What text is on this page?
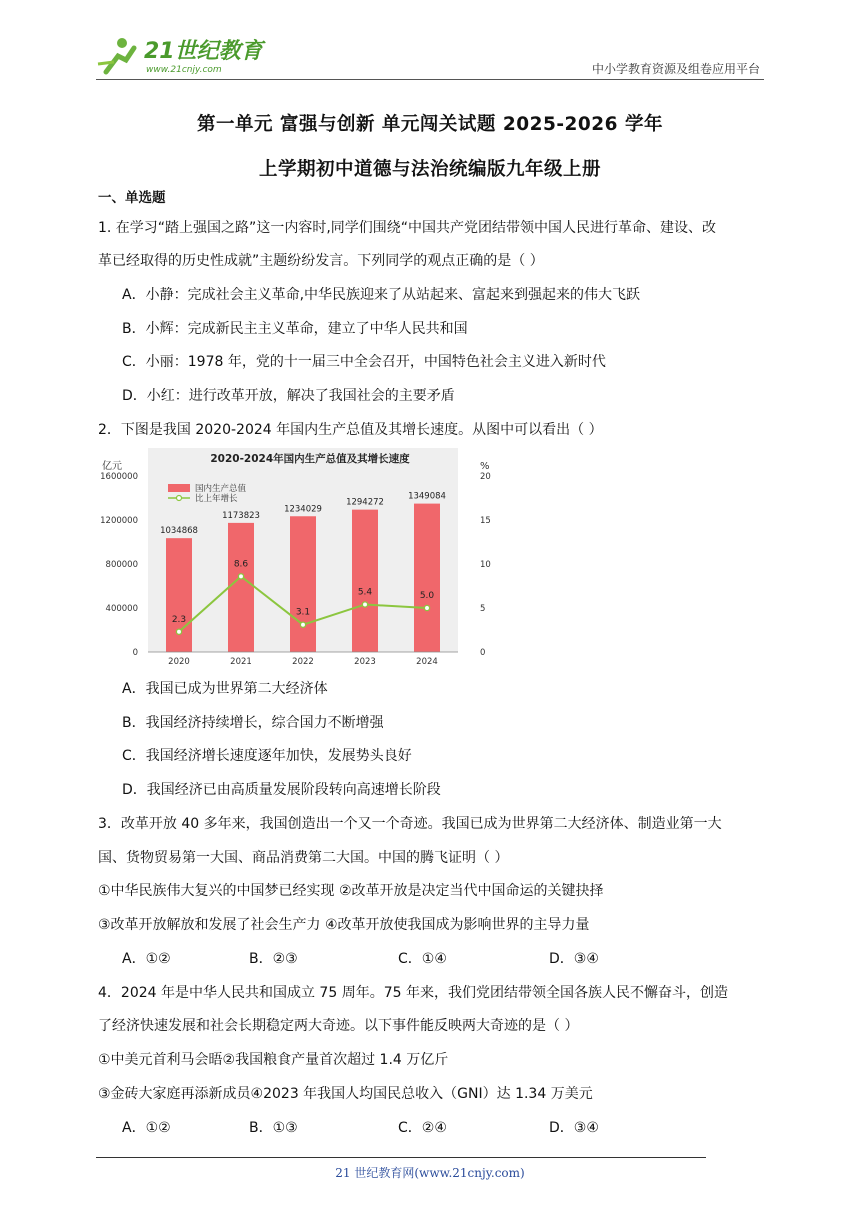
21世纪教育
www.21cnjy.com	中小学教育资源及组卷应用平台
第一单元 富强与创新 单元闯关试题 2025-2026 学年
上学期初中道德与法治统编版九年级上册
一、单选题
1. 在学习“踏上强国之路”这一内容时,同学们围绕“中国共产党团结带领中国人民进行革命、建设、改
革已经取得的历史性成就”主题纷纷发言。下列同学的观点正确的是（ ）
A．小静：完成社会主义革命,中华民族迎来了从站起来、富起来到强起来的伟大飞跃
B．小辉：完成新民主主义革命，建立了中华人民共和国
C．小丽：1978 年，党的十一届三中全会召开，中国特色社会主义进入新时代
D．小红：进行改革开放，解决了我国社会的主要矛盾
2．下图是我国 2020-2024 年国内生产总值及其增长速度。从图中可以看出（ ）
2020-2024年国内生产总值及其增长速度
亿元	%
国内生产总值
比上年增长
0
400000
800000
1200000
1600000
0
5
10
15
20
1034868
2020
1173823
2021
1234029
2022
1294272
2023
1349084
2024
2.3
8.6
3.1
5.4	5.0
A．我国已成为世界第二大经济体
B．我国经济持续增长，综合国力不断增强
C．我国经济增长速度逐年加快，发展势头良好
D．我国经济已由高质量发展阶段转向高速增长阶段
3．改革开放 40 多年来，我国创造出一个又一个奇迹。我国已成为世界第二大经济体、制造业第一大
国、货物贸易第一大国、商品消费第二大国。中国的腾飞证明（ ）
①中华民族伟大复兴的中国梦已经实现 ②改革开放是决定当代中国命运的关键抉择
③改革开放解放和发展了社会生产力 ④改革开放使我国成为影响世界的主导力量
A．①②	B．②③	C．①④	D．③④
4．2024 年是中华人民共和国成立 75 周年。75 年来，我们党团结带领全国各族人民不懈奋斗，创造
了经济快速发展和社会长期稳定两大奇迹。以下事件能反映两大奇迹的是（ ）
①中美元首利马会晤②我国粮食产量首次超过 1.4 万亿斤
③金砖大家庭再添新成员④2023 年我国人均国民总收入（GNI）达 1.34 万美元
A．①②	B．①③	C．②④	D．③④
21 世纪教育网(www.21cnjy.com)
